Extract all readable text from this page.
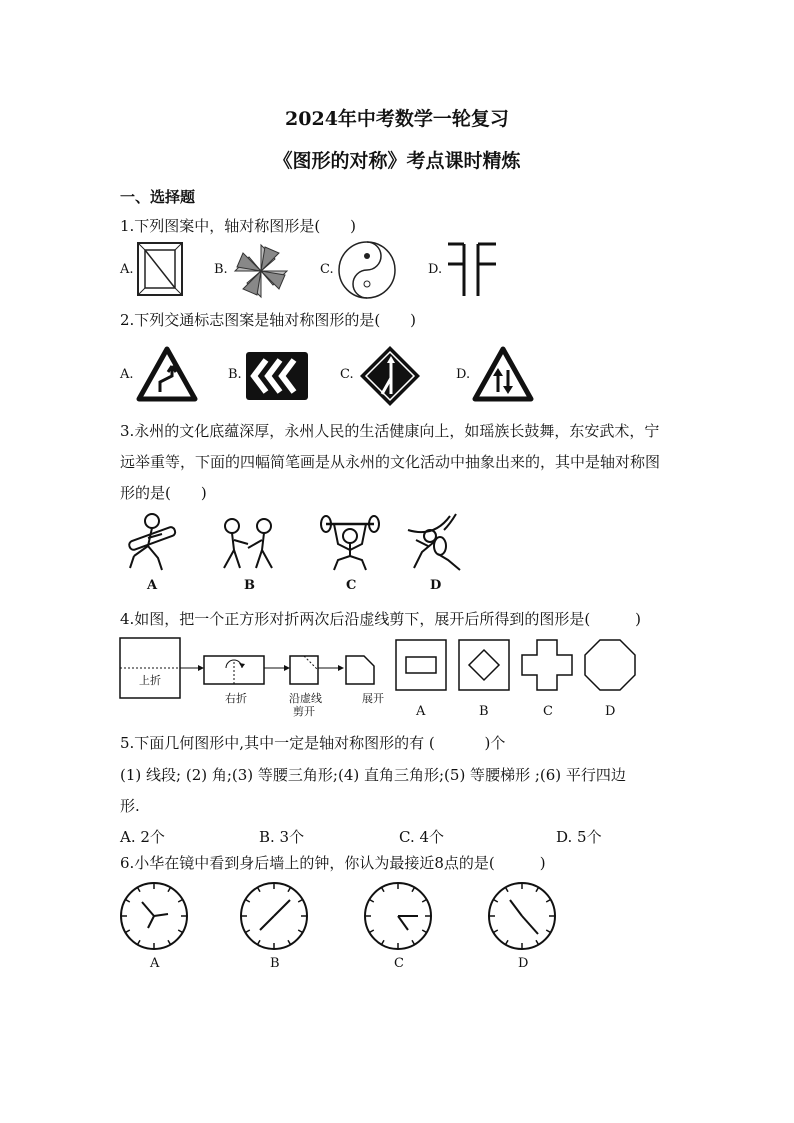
2024年中考数学一轮复习
《图形的对称》考点课时精炼
一、选择题
1.下列图案中，轴对称图形是(　　)
A.	B.	C.	D.
2.下列交通标志图案是轴对称图形的是(　　)
A.	B.	C.	D.
3.永州的文化底蕴深厚，永州人民的生活健康向上，如瑶族长鼓舞，东安武术，宁
远举重等，下面的四幅简笔画是从永州的文化活动中抽象出来的，其中是轴对称图
形的是(　　)
A	B	C	D
4.如图，把一个正方形对折两次后沿虚线剪下，展开后所得到的图形是(　　　)
上折
右折	沿虚线
剪开
展开
A	B	C	D
5.下面几何图形中,其中一定是轴对称图形的有 (　　　 )个
(1) 线段; (2) 角;(3) 等腰三角形;(4) 直角三角形;(5) 等腰梯形 ;(6) 平行四边
形.
A. 2个	B. 3个	C. 4个	D. 5个
6.小华在镜中看到身后墙上的钟，你认为最接近8点的是(　　　)
A	B	C	D
